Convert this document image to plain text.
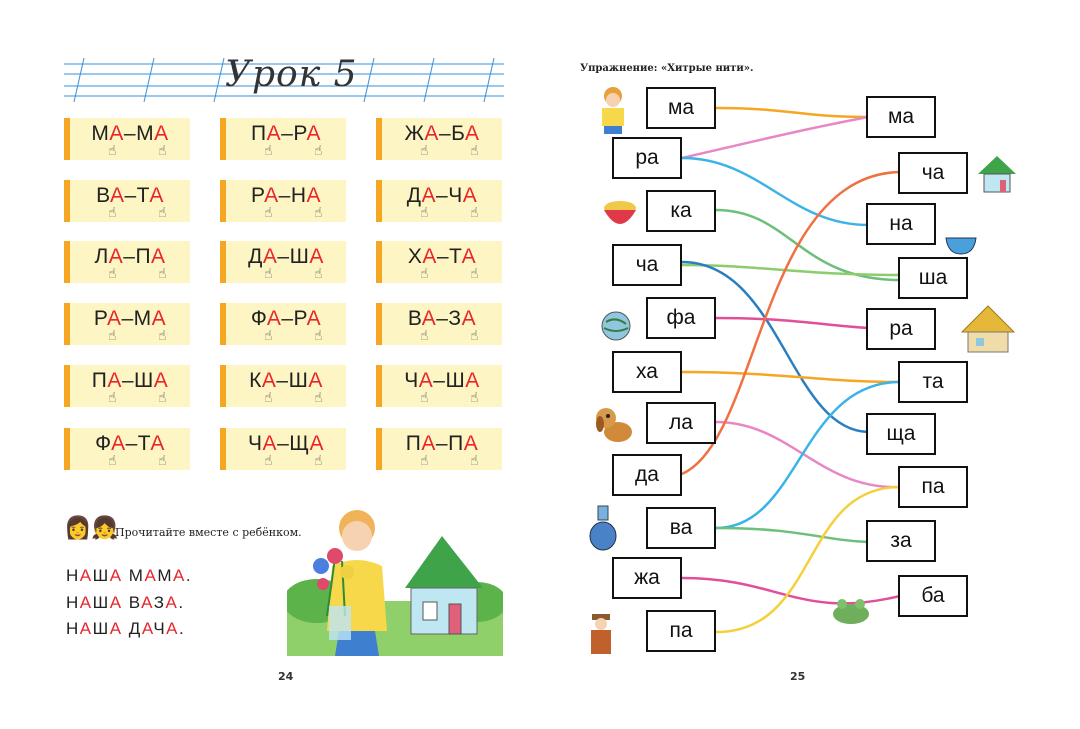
Урок 5
МА–МА
☝	☝
ПА–РА
☝	☝
ЖА–БА
☝	☝
ВА–ТА
☝	☝
РА–НА
☝	☝
ДА–ЧА
☝	☝
ЛА–ПА
☝	☝
ДА–ША
☝	☝
ХА–ТА
☝	☝
РА–МА
☝	☝
ФА–РА
☝	☝
ВА–ЗА
☝	☝
ПА–ША
☝	☝
КА–ША
☝	☝
ЧА–ША
☝	☝
ФА–ТА
☝	☝
ЧА–ЩА
☝	☝
ПА–ПА
☝	☝
👩👧
Прочитайте вместе с ребёнком.
НАША МАМА.
НАША ВАЗА.
НАША ДАЧА.
24
Упражнение: «Хитрые нити».
ма
ра
ка
ча
фа
ха
ла
да
ва
жа
па
ма
ча
на
ша
ра
та
ща
па
за
ба
25
